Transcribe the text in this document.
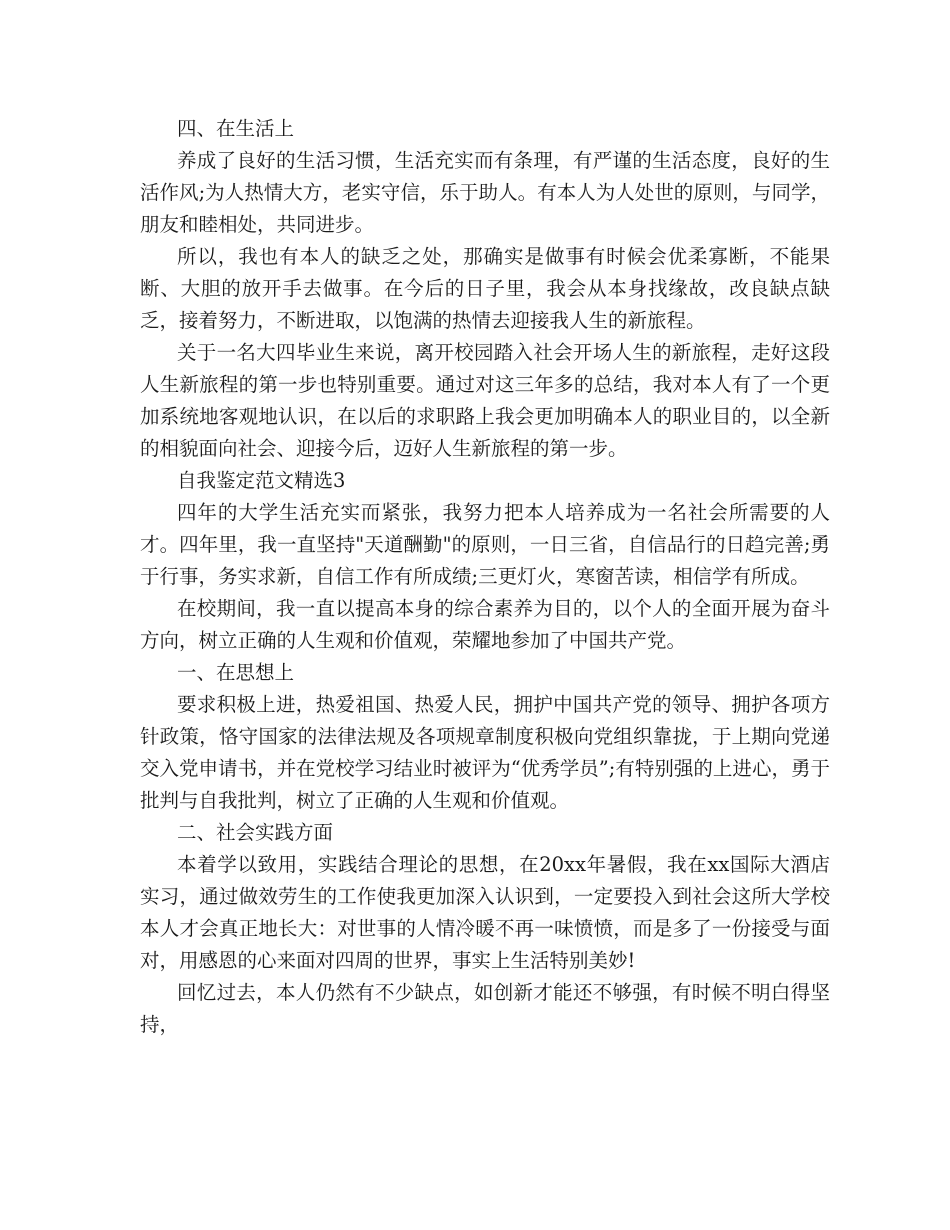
四、在生活上
养成了良好的生活习惯，生活充实而有条理，有严谨的生活态度，良好的生活作风;为人热情大方，老实守信，乐于助人。有本人为人处世的原则，与同学，朋友和睦相处，共同进步。
所以，我也有本人的缺乏之处，那确实是做事有时候会优柔寡断，不能果断、大胆的放开手去做事。在今后的日子里，我会从本身找缘故，改良缺点缺乏，接着努力，不断进取，以饱满的热情去迎接我人生的新旅程。
关于一名大四毕业生来说，离开校园踏入社会开场人生的新旅程，走好这段人生新旅程的第一步也特别重要。通过对这三年多的总结，我对本人有了一个更加系统地客观地认识，在以后的求职路上我会更加明确本人的职业目的，以全新的相貌面向社会、迎接今后，迈好人生新旅程的第一步。
自我鉴定范文精选3
四年的大学生活充实而紧张，我努力把本人培养成为一名社会所需要的人才。四年里，我一直坚持"天道酬勤"的原则，一日三省，自信品行的日趋完善;勇于行事，务实求新，自信工作有所成绩;三更灯火，寒窗苦读，相信学有所成。
在校期间，我一直以提高本身的综合素养为目的，以个人的全面开展为奋斗方向，树立正确的人生观和价值观，荣耀地参加了中国共产党。
一、在思想上
要求积极上进，热爱祖国、热爱人民，拥护中国共产党的领导、拥护各项方针政策，恪守国家的法律法规及各项规章制度积极向党组织靠拢，于上期向党递交入党申请书，并在党校学习结业时被评为“优秀学员”;有特别强的上进心，勇于批判与自我批判，树立了正确的人生观和价值观。
二、社会实践方面
本着学以致用，实践结合理论的思想，在20xx年暑假，我在xx国际大酒店实习，通过做效劳生的工作使我更加深入认识到，一定要投入到社会这所大学校本人才会真正地长大：对世事的人情冷暖不再一味愤愤，而是多了一份接受与面对，用感恩的心来面对四周的世界，事实上生活特别美妙!
回忆过去，本人仍然有不少缺点，如创新才能还不够强，有时候不明白得坚持，
